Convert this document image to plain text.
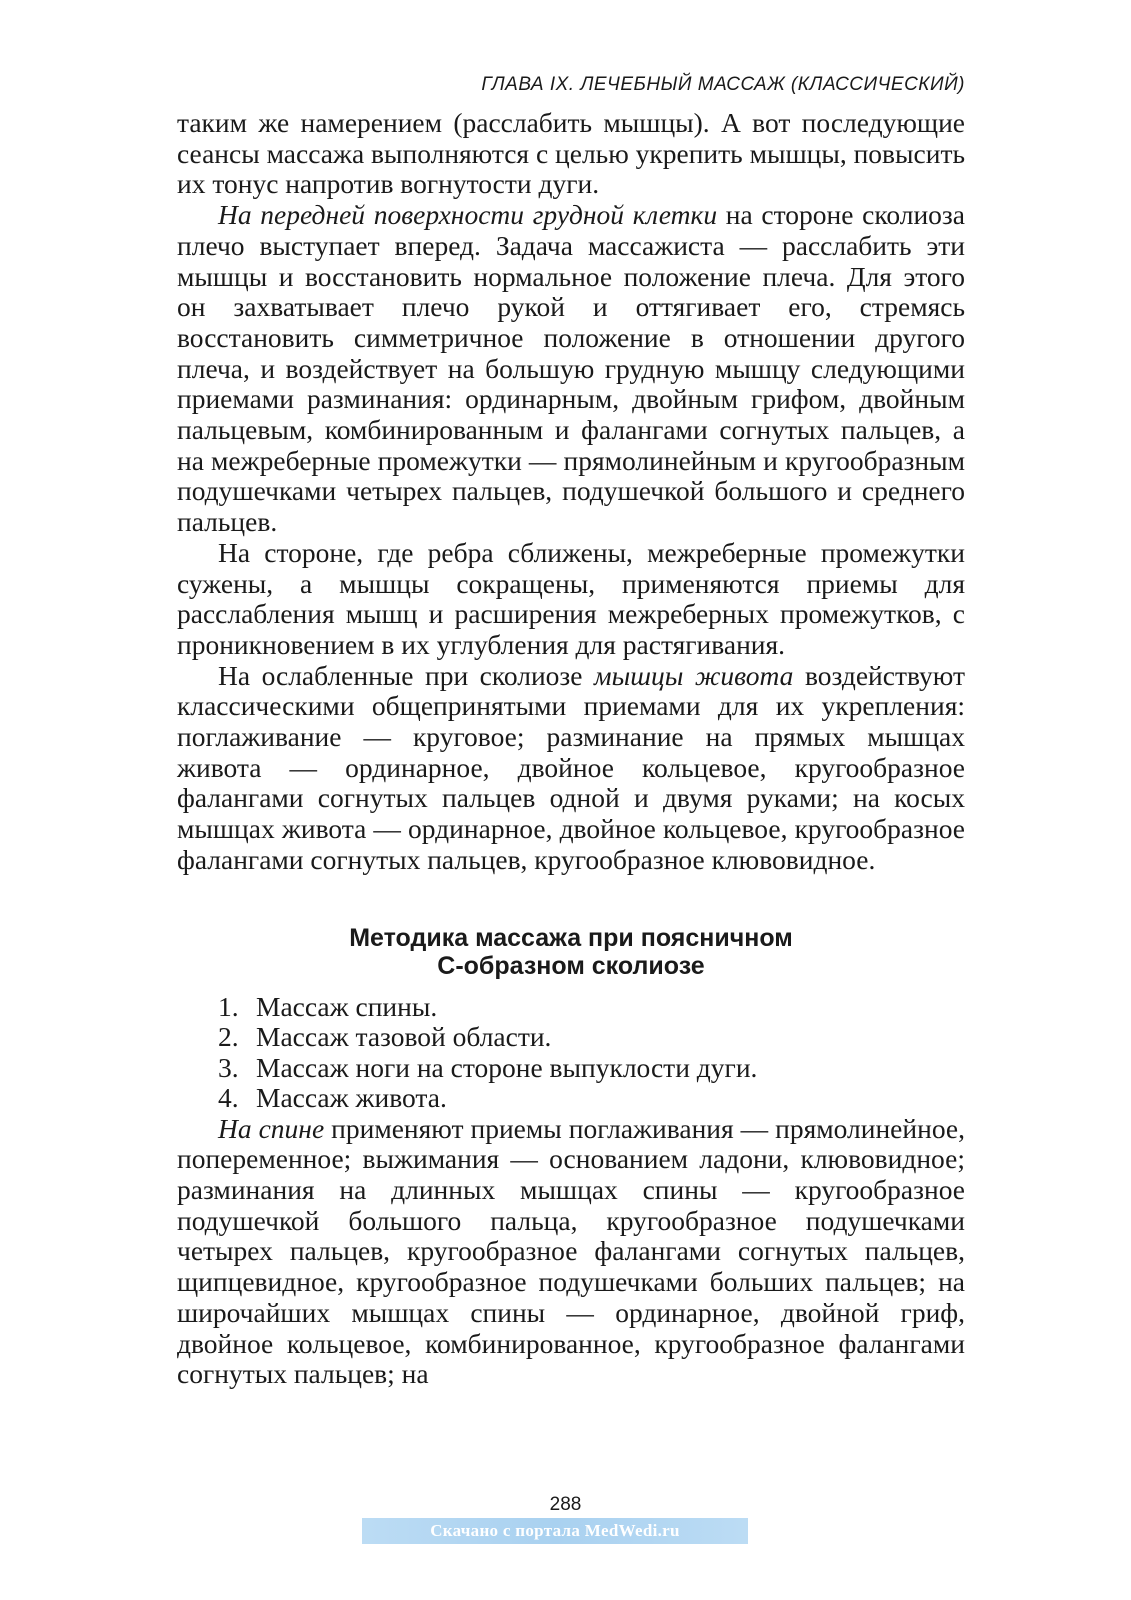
ГЛАВА IX. ЛЕЧЕБНЫЙ МАССАЖ (КЛАССИЧЕСКИЙ)

таким же намерением (расслабить мышцы). А вот последующие сеансы массажа выполняются с целью укрепить мышцы, повысить их тонус напротив вогнутости дуги.

На передней поверхности грудной клетки на стороне сколиоза плечо выступает вперед. Задача массажиста — расслабить эти мышцы и восстановить нормальное положение плеча. Для этого он захватывает плечо рукой и оттягивает его, стремясь восстановить симметричное положение в отношении другого плеча, и воздействует на большую грудную мышцу следующими приемами разминания: ординарным, двойным грифом, двойным пальцевым, комбинированным и фалангами согнутых пальцев, а на межреберные промежутки — прямолинейным и кругообразным подушечками четырех пальцев, подушечкой большого и среднего пальцев.

На стороне, где ребра сближены, межреберные промежутки сужены, а мышцы сокращены, применяются приемы для расслабления мышц и расширения межреберных промежутков, с проникновением в их углубления для растягивания.

На ослабленные при сколиозе мышцы живота воздействуют классическими общепринятыми приемами для их укрепления: поглаживание — круговое; разминание на прямых мышцах живота — ординарное, двойное кольцевое, кругообразное фалангами согнутых пальцев одной и двумя руками; на косых мышцах живота — ординарное, двойное кольцевое, кругообразное фалангами согнутых пальцев, кругообразное клювовидное.

Методика массажа при поясничном
С-образном сколиозе
1. Массаж спины.
2. Массаж тазовой области.
3. Массаж ноги на стороне выпуклости дуги.
4. Массаж живота.

На спине применяют приемы поглаживания — прямолинейное, попеременное; выжимания — основанием ладони, клювовидное; разминания на длинных мышцах спины — кругообразное подушечкой большого пальца, кругообразное подушечками четырех пальцев, кругообразное фалангами согнутых пальцев, щипцевидное, кругообразное подушечками больших пальцев; на широчайших мышцах спины — ординарное, двойной гриф, двойное кольцевое, комбинированное, кругообразное фалангами согнутых пальцев; на

288
Скачано с портала MedWedi.ru
